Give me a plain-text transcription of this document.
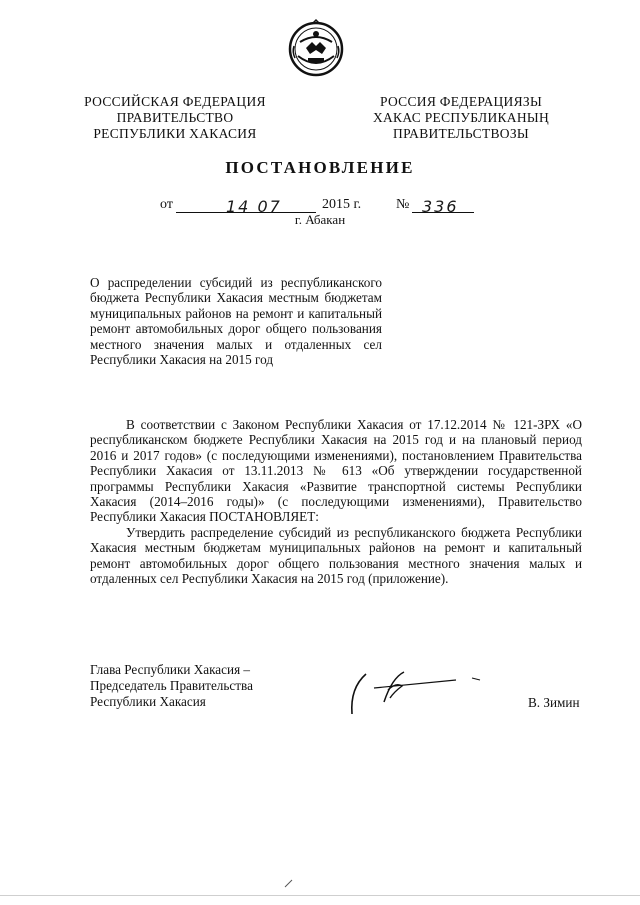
РОССИЙСКАЯ ФЕДЕРАЦИЯ
ПРАВИТЕЛЬСТВО
РЕСПУБЛИКИ ХАКАСИЯ
РОССИЯ ФЕДЕРАЦИЯЗЫ
ХАКАС РЕСПУБЛИКАНЫҢ
ПРАВИТЕЛЬСТВОЗЫ
ПОСТАНОВЛЕНИЕ
от	14 07	2015 г. № 336
г. Абакан
О распределении субсидий из республиканского бюджета Республики Хакасия местным бюджетам муниципальных районов на ремонт и капитальный ремонт автомобильных дорог общего пользования местного значения малых и отдаленных сел Республики Хакасия на 2015 год

В соответствии с Законом Республики Хакасия от 17.12.2014 № 121-ЗРХ «О республиканском бюджете Республики Хакасия на 2015 год и на плановый период 2016 и 2017 годов» (с последующими изменениями), постановлением Правительства Республики Хакасия от 13.11.2013 № 613 «Об утверждении государственной программы Республики Хакасия «Развитие транспортной системы Республики Хакасия (2014–2016 годы)» (с последующими изменениями), Правительство Республики Хакасия ПОСТАНОВЛЯЕТ:

Утвердить распределение субсидий из республиканского бюджета Республики Хакасия местным бюджетам муниципальных районов на ремонт и капитальный ремонт автомобильных дорог общего пользования местного значения малых и отдаленных сел Республики Хакасия на 2015 год (приложение).

Глава Республики Хакасия –
Председатель Правительства
Республики Хакасия	В. Зимин
